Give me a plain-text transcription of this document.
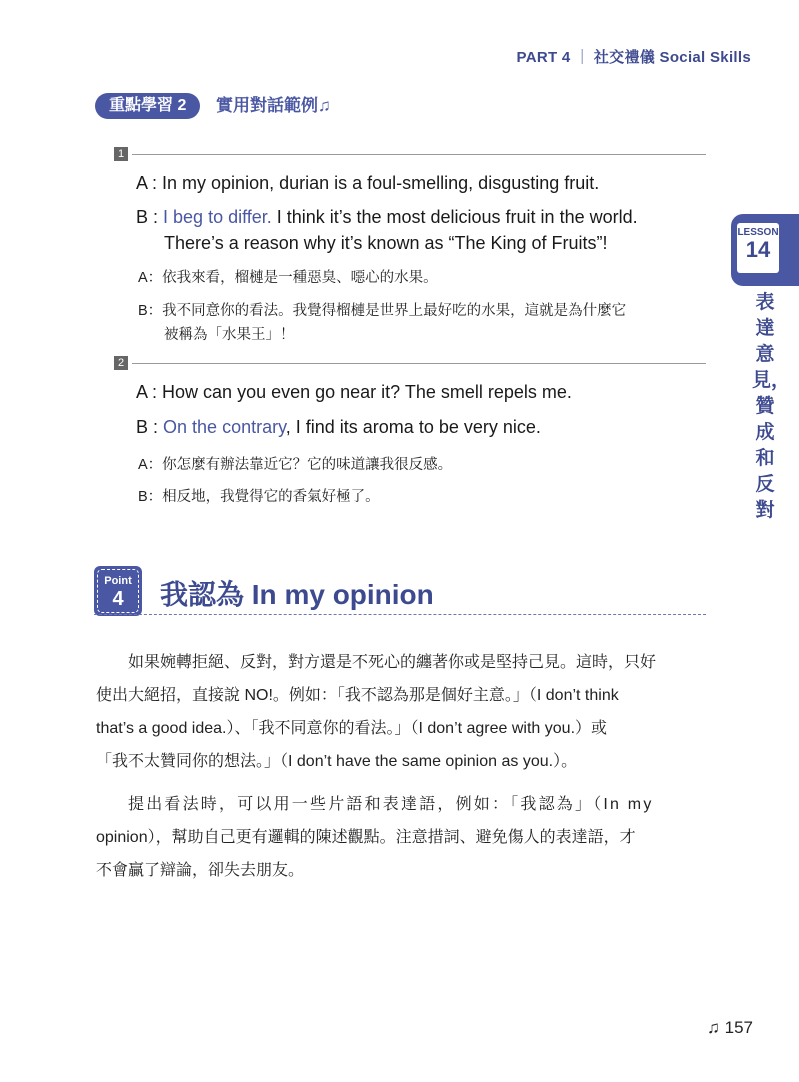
PART 4 ｜ 社交禮儀 Social Skills
重點學習 2	實用對話範例♫
1
A : In my opinion, durian is a foul-smelling, disgusting fruit.
B : I beg to differ. I think it’s the most delicious fruit in the world.
There’s a reason why it’s known as “The King of Fruits”!
A：依我來看，榴槤是一種惡臭、噁心的水果。
B：我不同意你的看法。我覺得榴槤是世界上最好吃的水果，這就是為什麼它
被稱為「水果王」！
2
A : How can you even go near it? The smell repels me.
B : On the contrary, I find its aroma to be very nice.
A：你怎麼有辦法靠近它？它的味道讓我很反感。
B：相反地，我覺得它的香氣好極了。
Point
4	我認為 In my opinion

如果婉轉拒絕、反對，對方還是不死心的纏著你或是堅持己見。這時，只好

使出大絕招，直接說 NO!。例如：「我不認為那是個好主意。」（I don’t think

that’s a good idea.）、「我不同意你的看法。」（I don’t agree with you.）或

「我不太贊同你的想法。」（I don’t have the same opinion as you.）。

提出看法時，可以用一些片語和表達語，例如：「我認為」（In my

opinion），幫助自己更有邏輯的陳述觀點。注意措詞、避免傷人的表達語，才

不會贏了辯論，卻失去朋友。

LESSON
14
表達意見，贊成和反對
♫ 157
